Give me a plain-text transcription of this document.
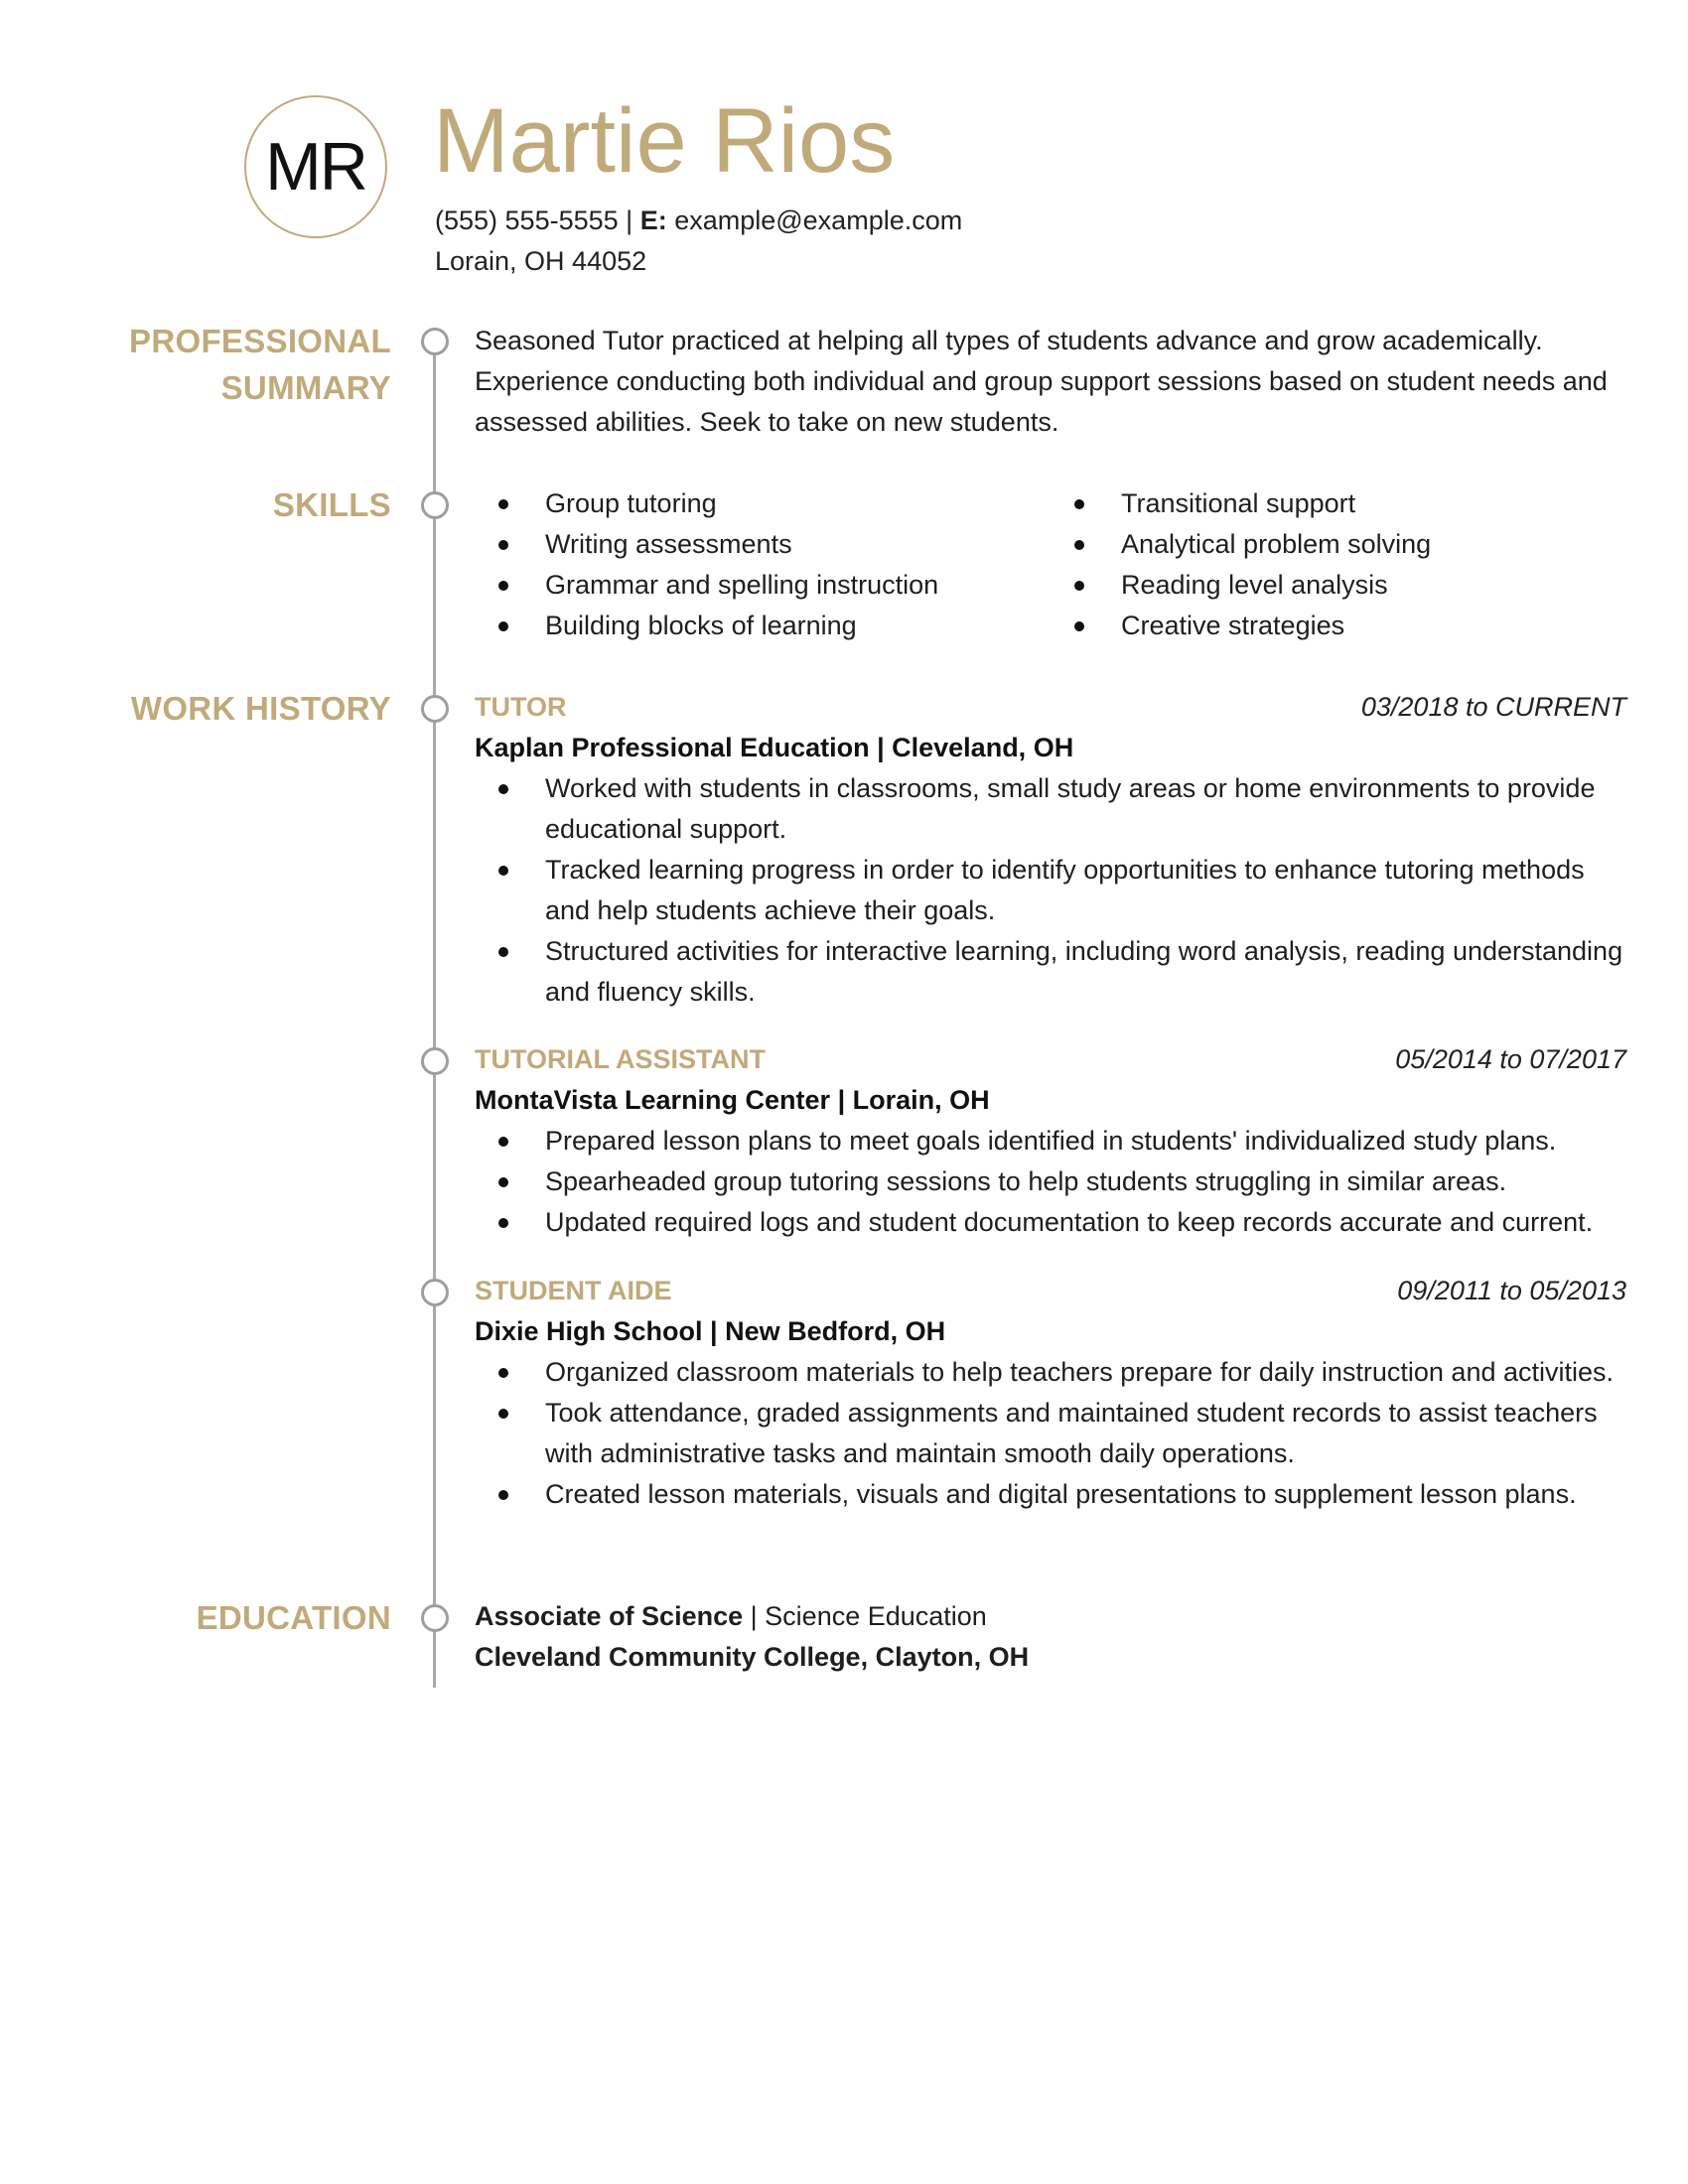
MR Martie Rios
(555) 555-5555 | E: example@example.com
Lorain, OH 44052
PROFESSIONAL
SUMMARY
Seasoned Tutor practiced at helping all types of students advance and grow academically. Experience conducting both individual and group support sessions based on student needs and assessed abilities. Seek to take on new students.
SKILLS	Group tutoring
Writing assessments
Grammar and spelling instruction
Building blocks of learning
Transitional support
Analytical problem solving
Reading level analysis
Creative strategies
WORK HISTORY	TUTOR	03/2018 to CURRENT
Kaplan Professional Education | Cleveland, OH
Worked with students in classrooms, small study areas or home environments to provide educational support.
Tracked learning progress in order to identify opportunities to enhance tutoring methods and help students achieve their goals.
Structured activities for interactive learning, including word analysis, reading understanding and fluency skills.
TUTORIAL ASSISTANT	05/2014 to 07/2017
MontaVista Learning Center | Lorain, OH
Prepared lesson plans to meet goals identified in students' individualized study plans.
Spearheaded group tutoring sessions to help students struggling in similar areas.
Updated required logs and student documentation to keep records accurate and current.
STUDENT AIDE	09/2011 to 05/2013
Dixie High School | New Bedford, OH
Organized classroom materials to help teachers prepare for daily instruction and activities.
Took attendance, graded assignments and maintained student records to assist teachers with administrative tasks and maintain smooth daily operations.
Created lesson materials, visuals and digital presentations to supplement lesson plans.
EDUCATION	Associate of Science | Science Education
Cleveland Community College, Clayton, OH
